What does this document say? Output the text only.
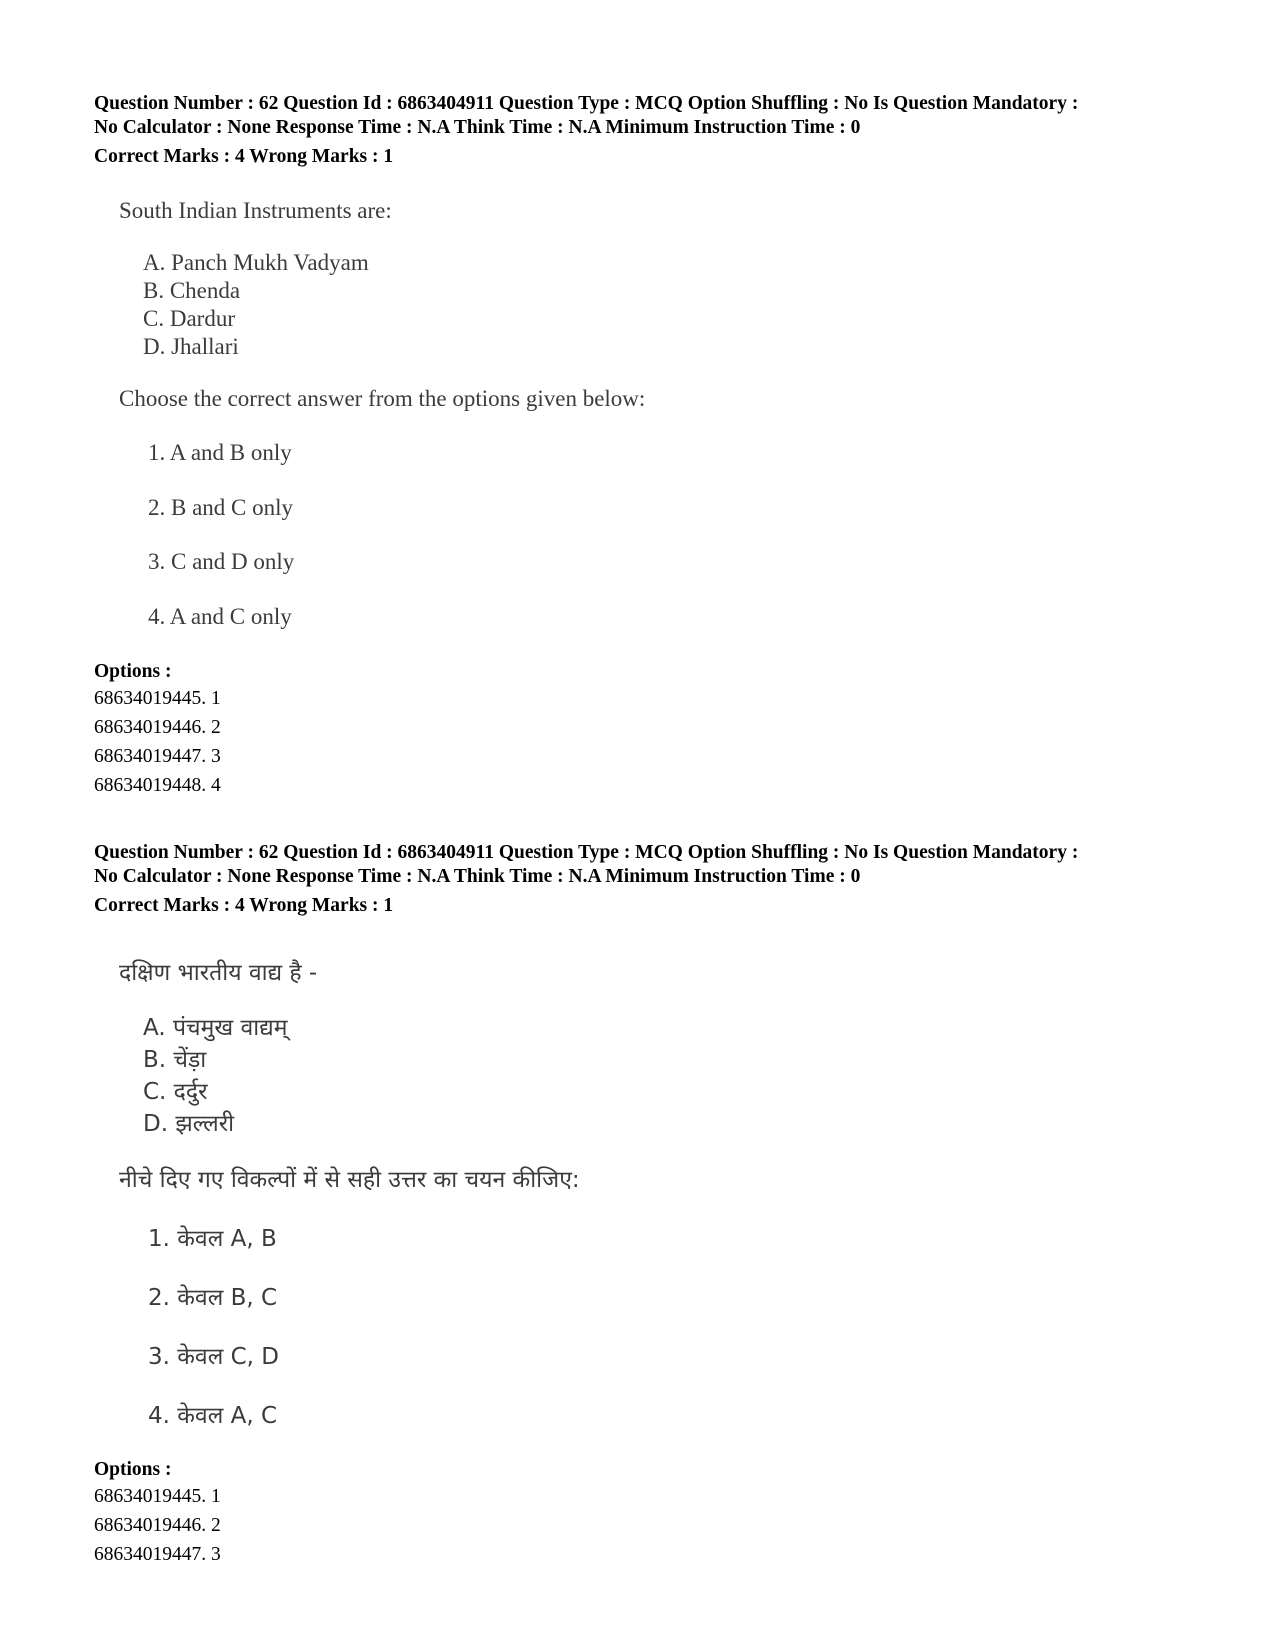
Question Number : 62 Question Id : 6863404911 Question Type : MCQ Option Shuffling : No Is Question Mandatory :
No Calculator : None Response Time : N.A Think Time : N.A Minimum Instruction Time : 0
Correct Marks : 4 Wrong Marks : 1
South Indian Instruments are:
A. Panch Mukh Vadyam
B. Chenda
C. Dardur
D. Jhallari
Choose the correct answer from the options given below:
1. A and B only
2. B and C only
3. C and D only
4. A and C only
Options :
68634019445. 1
68634019446. 2
68634019447. 3
68634019448. 4
Question Number : 62 Question Id : 6863404911 Question Type : MCQ Option Shuffling : No Is Question Mandatory :
No Calculator : None Response Time : N.A Think Time : N.A Minimum Instruction Time : 0
Correct Marks : 4 Wrong Marks : 1
दक्षिण भारतीय वाद्य है -
A. पंचमुख वाद्यम्
B. चेंड़ा
C. दर्दुर
D. झल्लरी
नीचे दिए गए विकल्पों में से सही उत्तर का चयन कीजिए:
1. केवल A, B
2. केवल B, C
3. केवल C, D
4. केवल A, C
Options :
68634019445. 1
68634019446. 2
68634019447. 3
